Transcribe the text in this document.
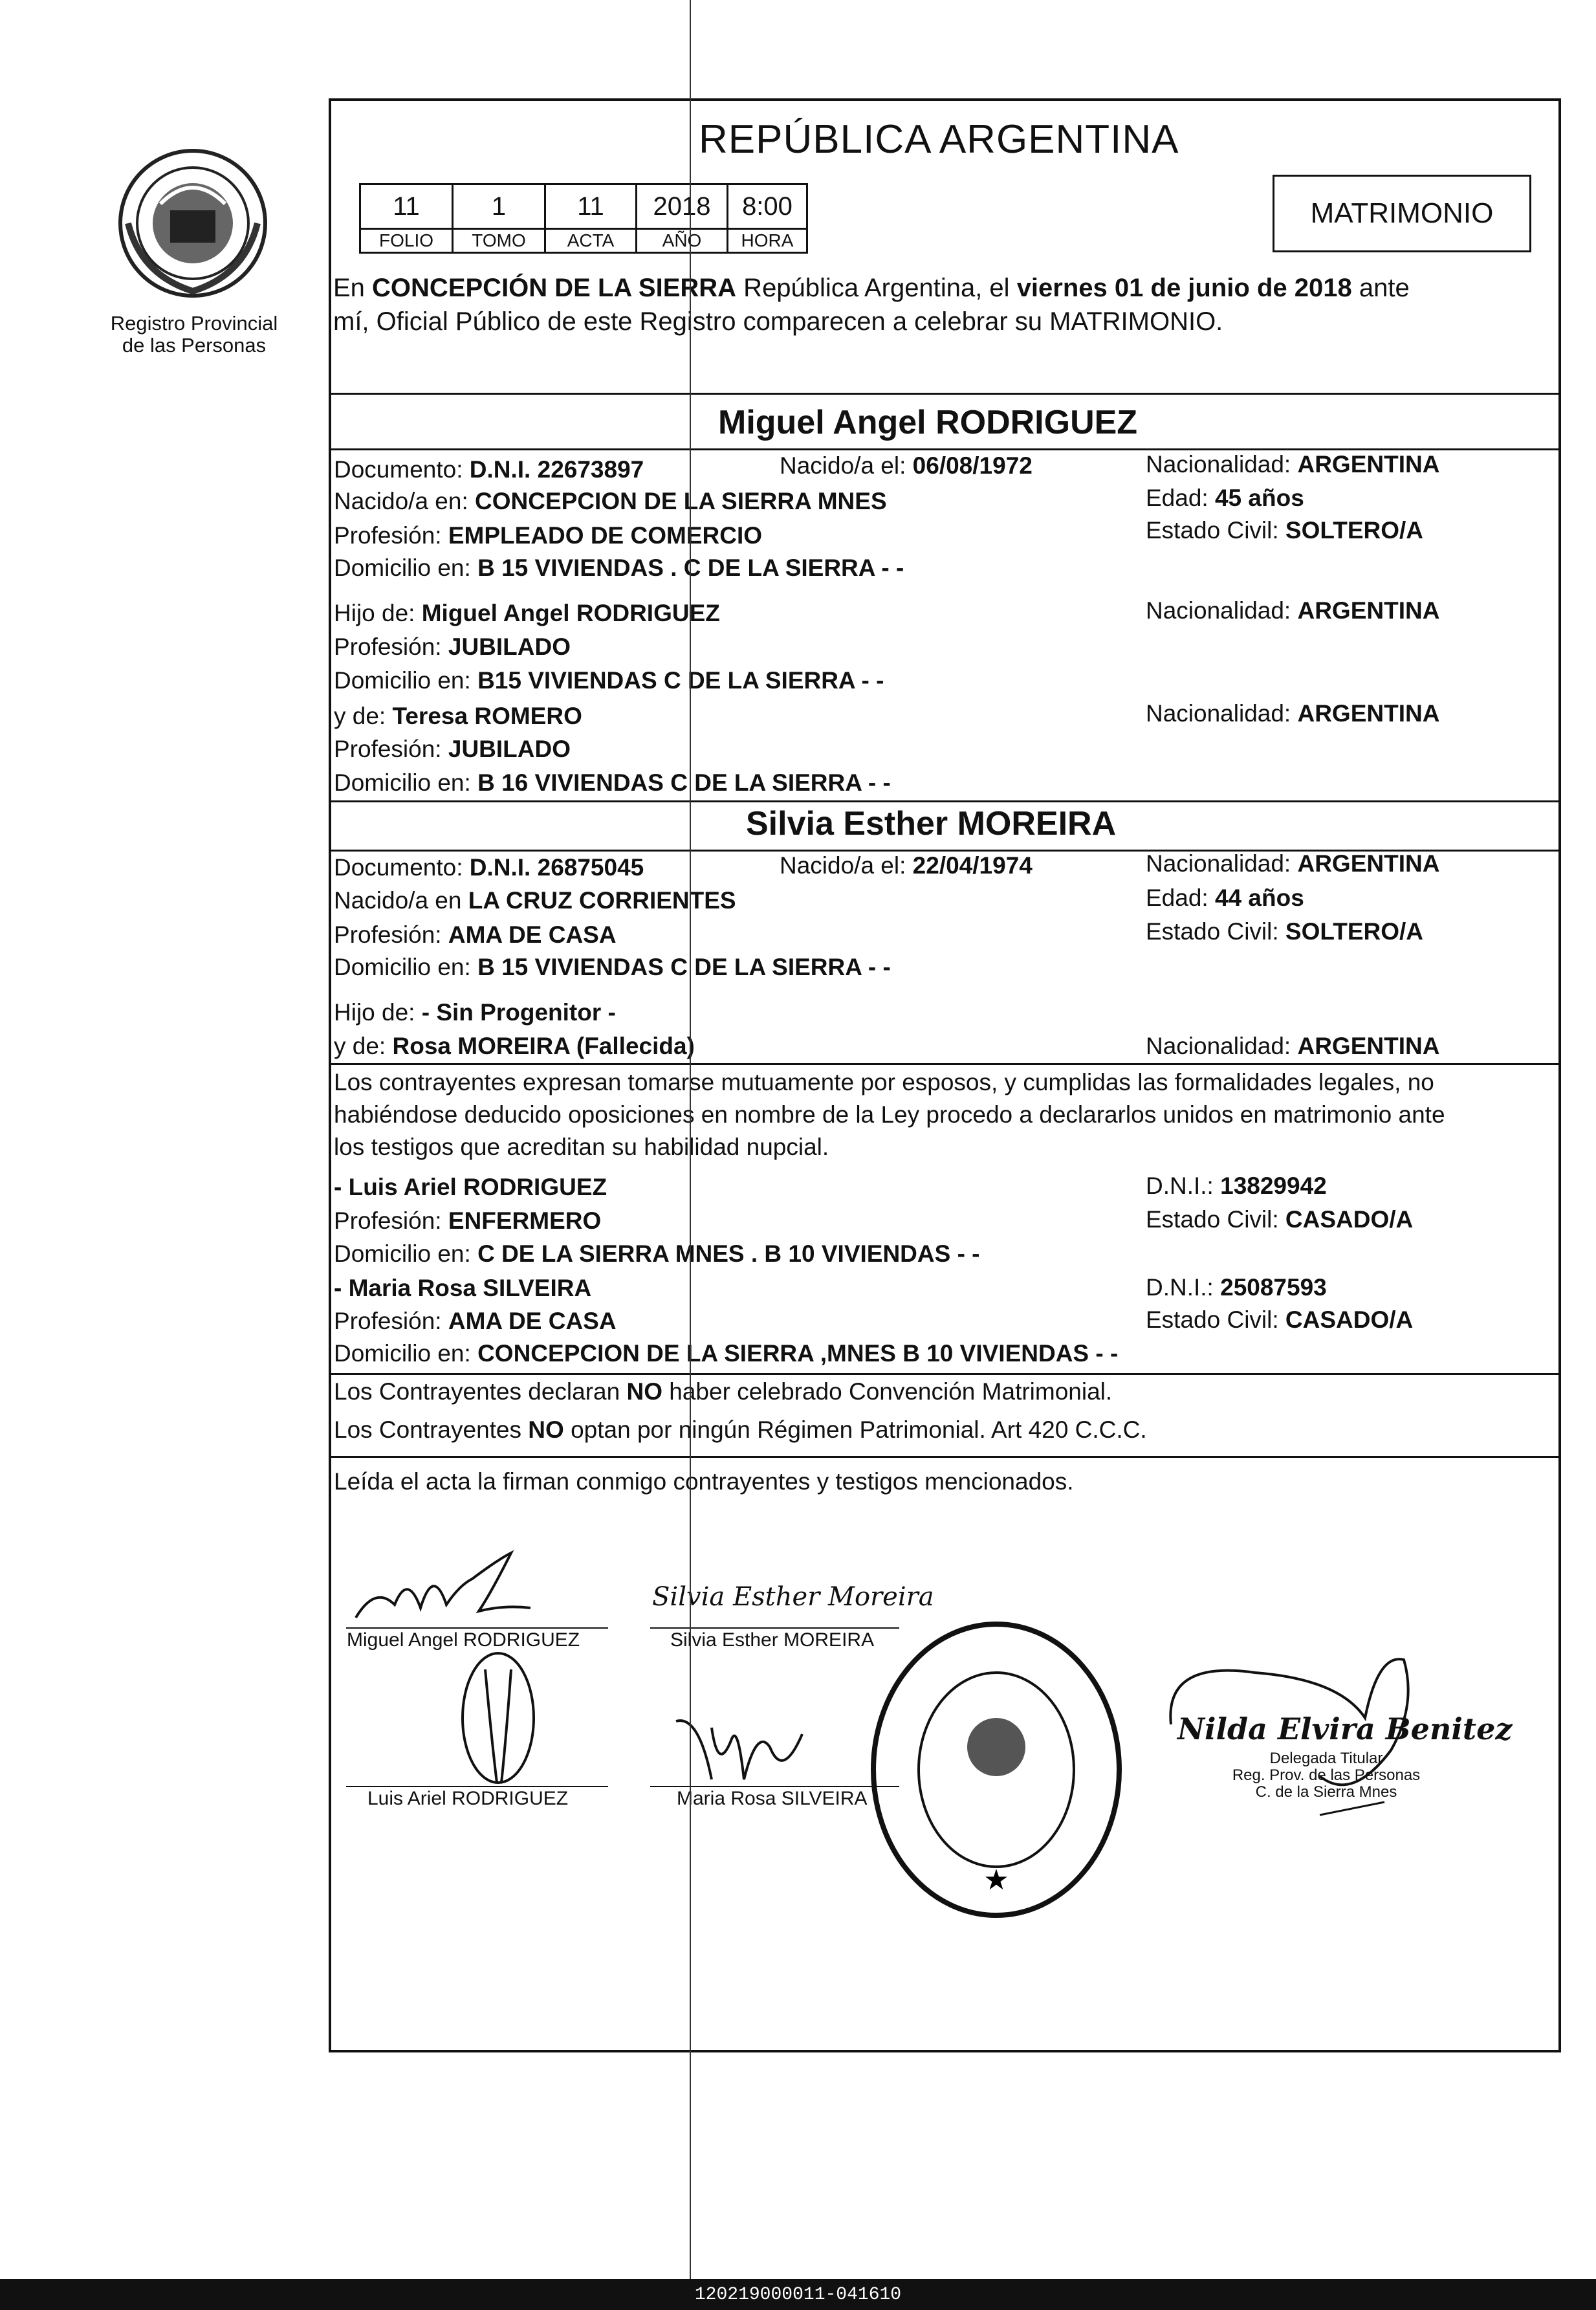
Registro Provincial
de las Personas
REPÚBLICA ARGENTINA
11	1	11	2018	8:00
FOLIO	TOMO	ACTA	AÑO	HORA
MATRIMONIO
En CONCEPCIÓN DE LA SIERRA República Argentina, el viernes 01 de junio de 2018 ante
mí, Oficial Público de este Registro comparecen a celebrar su MATRIMONIO.
Miguel Angel RODRIGUEZ
Documento: D.N.I. 22673897	Nacido/a el: 06/08/1972	Nacionalidad: ARGENTINA
Nacido/a en: CONCEPCION DE LA SIERRA MNES	Edad: 45 años
Profesión: EMPLEADO DE COMERCIO	Estado Civil: SOLTERO/A
Domicilio en: B 15 VIVIENDAS . C DE LA SIERRA - -
Hijo de: Miguel Angel RODRIGUEZ	Nacionalidad: ARGENTINA
Profesión: JUBILADO
Domicilio en: B15 VIVIENDAS C DE LA SIERRA - -
y de: Teresa ROMERO	Nacionalidad: ARGENTINA
Profesión: JUBILADO
Domicilio en: B 16 VIVIENDAS C DE LA SIERRA - -
Silvia Esther MOREIRA
Documento: D.N.I. 26875045	Nacido/a el: 22/04/1974	Nacionalidad: ARGENTINA
Nacido/a en LA CRUZ CORRIENTES	Edad: 44 años
Profesión: AMA DE CASA	Estado Civil: SOLTERO/A
Domicilio en: B 15 VIVIENDAS C DE LA SIERRA - -
Hijo de: - Sin Progenitor -
y de: Rosa MOREIRA (Fallecida)	Nacionalidad: ARGENTINA
Los contrayentes expresan tomarse mutuamente por esposos, y cumplidas las formalidades legales, no
habiéndose deducido oposiciones en nombre de la Ley procedo a declararlos unidos en matrimonio ante
los testigos que acreditan su habilidad nupcial.
- Luis Ariel RODRIGUEZ	D.N.I.: 13829942
Profesión: ENFERMERO	Estado Civil: CASADO/A
Domicilio en: C DE LA SIERRA MNES . B 10 VIVIENDAS - -
- Maria Rosa SILVEIRA	D.N.I.: 25087593
Profesión: AMA DE CASA	Estado Civil: CASADO/A
Domicilio en: CONCEPCION DE LA SIERRA ,MNES B 10 VIVIENDAS - -
Los Contrayentes declaran NO haber celebrado Convención Matrimonial.
Los Contrayentes NO optan por ningún Régimen Patrimonial. Art 420 C.C.C.
Leída el acta la firman conmigo contrayentes y testigos mencionados.
Miguel Angel RODRIGUEZ
Silvia Esther Moreira
Silvia Esther MOREIRA
Luis Ariel RODRIGUEZ	Maria Rosa SILVEIRA
★
Nilda Elvira Benitez
Delegada Titular
Reg. Prov. de las Personas
C. de la Sierra Mnes
120219000011-041610
